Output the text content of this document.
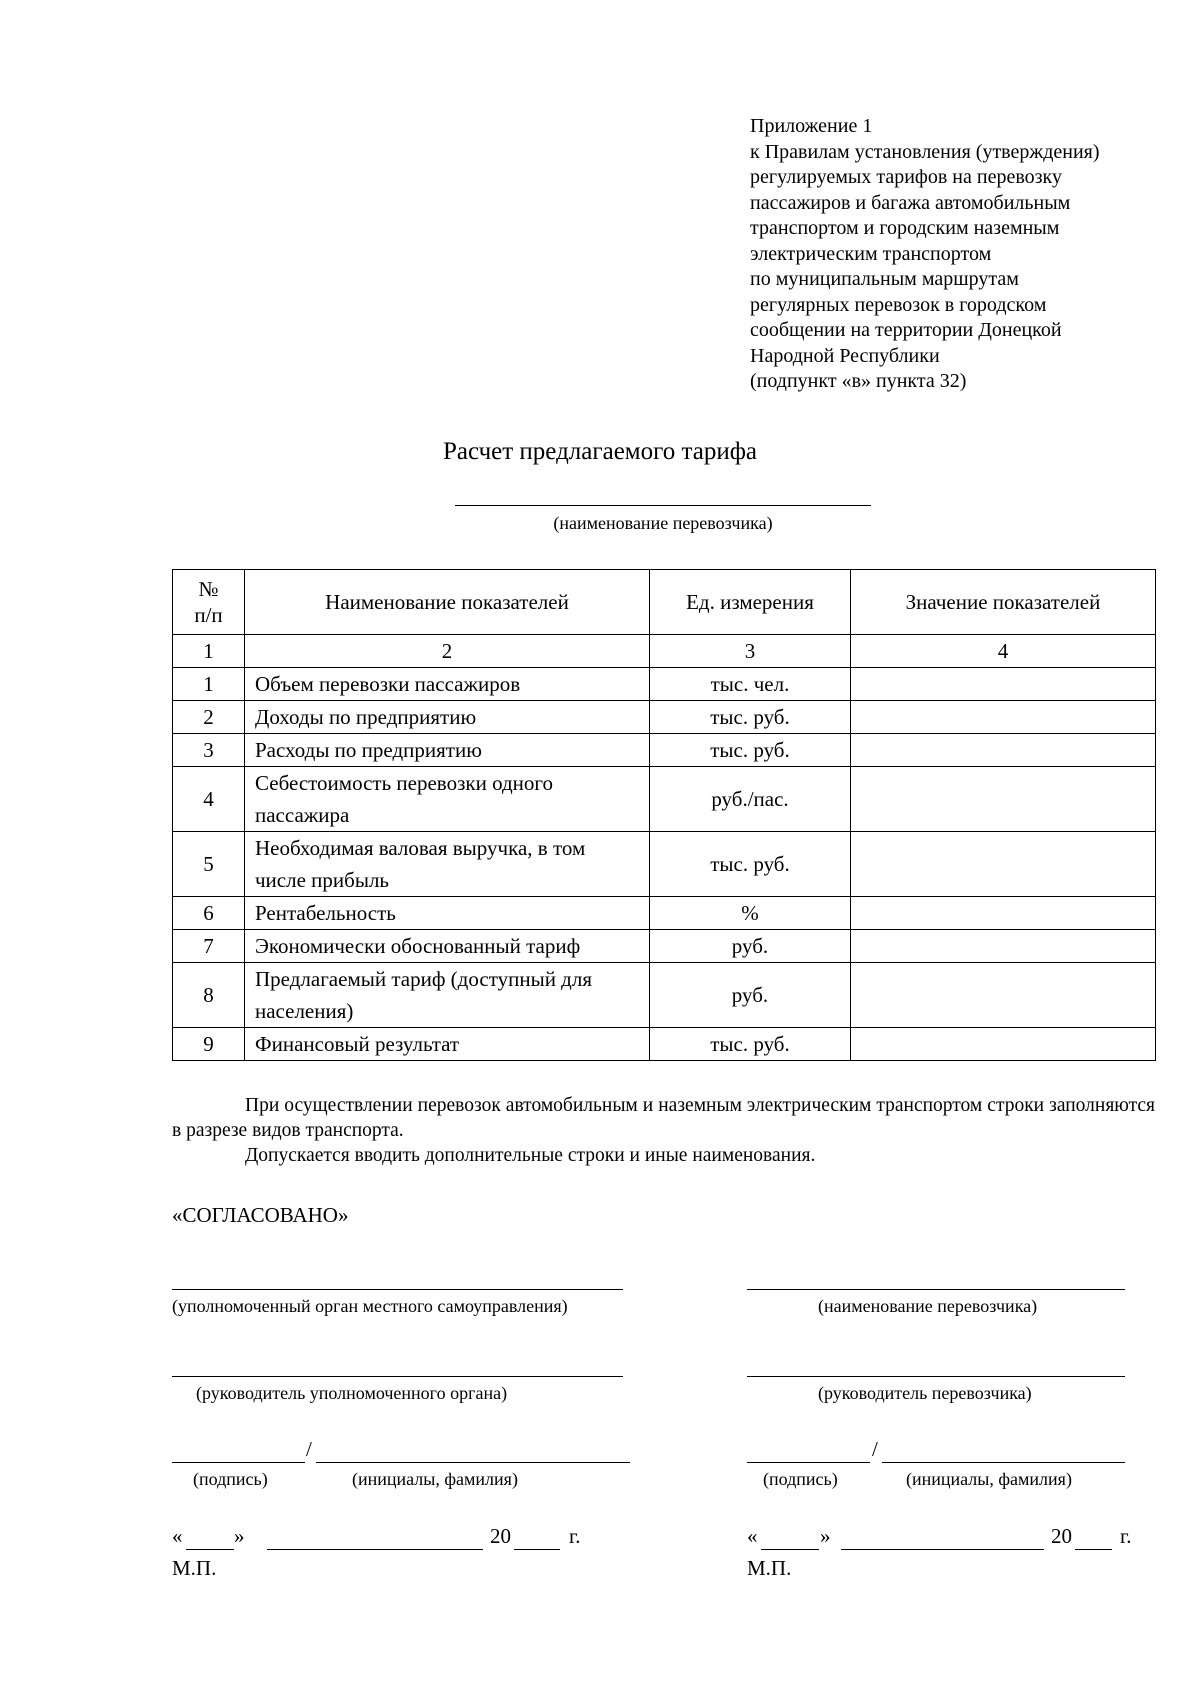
Приложение 1
к Правилам установления (утверждения)
регулируемых тарифов на перевозку
пассажиров и багажа автомобильным
транспортом и городским наземным
электрическим транспортом
по муниципальным маршрутам
регулярных перевозок в городском
сообщении на территории Донецкой
Народной Республики
(подпункт «в» пункта 32)
Расчет предлагаемого тарифа
(наименование перевозчика)
№
п/п	Наименование показателей	Ед. измерения	Значение показателей
1	2	3	4
1	Объем перевозки пассажиров	тыс. чел.	
2	Доходы по предприятию	тыс. руб.	
3	Расходы по предприятию	тыс. руб.	
4	Себестоимость перевозки одного пассажира	руб./пас.	
5	Необходимая валовая выручка, в том числе прибыль	тыс. руб.	
6	Рентабельность	%	
7	Экономически обоснованный тариф	руб.	
8	Предлагаемый тариф (доступный для населения)	руб.	
9	Финансовый результат	тыс. руб.	

При осуществлении перевозок автомобильным и наземным электрическим транспортом строки заполняются в разрезе видов транспорта.

Допускается вводить дополнительные строки и иные наименования.

«СОГЛАСОВАНО»
(уполномоченный орган местного самоуправления)
(руководитель уполномоченного органа)
/
(подпись)	(инициалы, фамилия)
« »	20	г.
М.П.
(наименование перевозчика)
(руководитель перевозчика)
/
(подпись)	(инициалы, фамилия)
«	»	20 г.
М.П.
